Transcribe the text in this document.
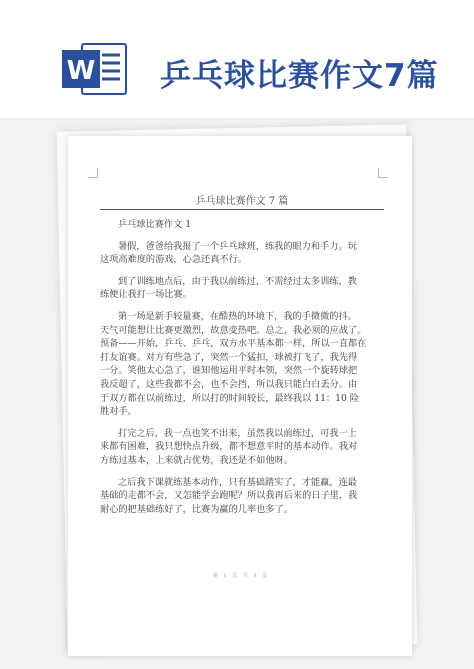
W 乒乓球比赛作文7篇
乒乓球比赛作文 7 篇
乒乓球比赛作文 1
暑假，爸爸给我报了一个乒乓球班，练我的眼力和手力。玩
这项高难度的游戏，心急还真不行。
到了训练地点后，由于我以前练过，不需经过太多训练，教
练便让我打一场比赛。
第一场是新手较量赛，在酷热的环境下，我的手微微的抖。
天气可能想让比赛更激烈，故意变热吧。总之，我必须的应战了。
预备——开始，乒乓、乒乓，双方水平基本都一样，所以一直都在
打友谊赛。对方有些急了，突然一个猛扣，球被打飞了，我先得
一分。笑他太心急了，谁知他运用平时本领，突然一个旋转球把
我反超了，这些我都不会，也不会挡，所以我只能白白丢分。由
于双方都在以前练过，所以打的时间较长，最终我以 11：10 险
胜对手。
打完之后，我一点也笑不出来，虽然我以前练过，可我一上
来都有困难，我只想快点升级，都不想意平时的基本动作。我对
方练过基本，上来就占优势，我还是不如他呀。
之后我下课就练基本动作，只有基础踏实了，才能赢，连最
基础的走都不会，又怎能学会跑呢？所以我再后来的日子里，我
耐心的把基础练好了，比赛为赢的几率也多了。
第 1 页 共 8 页
